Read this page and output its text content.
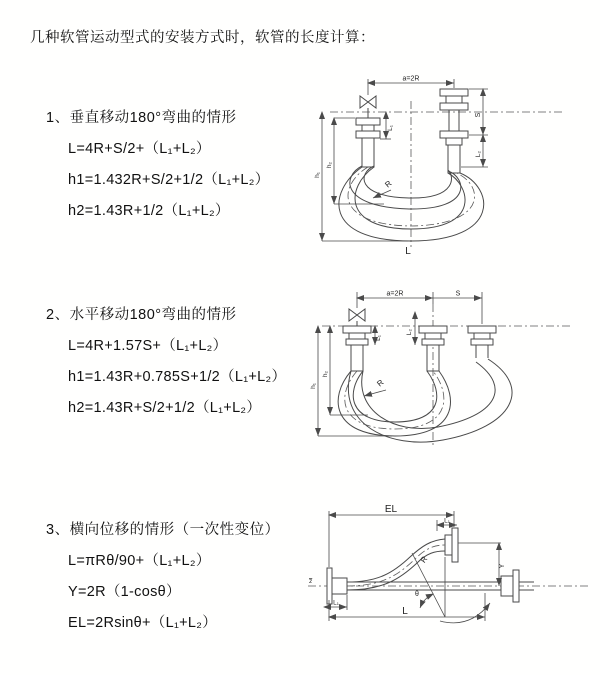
几种软管运动型式的安装方式时，软管的长度计算：
1、垂直移动180°弯曲的情形
L=4R+S/2+（L₁+L₂）
h1=1.432R+S/2+1/2（L₁+L₂）
h2=1.43R+1/2（L₁+L₂）
2、水平移动180°弯曲的情形
L=4R+1.57S+（L₁+L₂）
h1=1.43R+0.785S+1/2（L₁+L₂）
h2=1.43R+S/2+1/2（L₁+L₂）
3、横向位移的情形（一次性变位）
L=πRθ/90+（L₁+L₂）
Y=2R（1-cosθ）
EL=2Rsinθ+（L₁+L₂）
a=2R
S
L₂
L₁
h₁
h₂
R
L
a=2R	S
L₁
L₂
h₁
h₂
R
z
EL
L₁
Y
L
L₁
θ
R
